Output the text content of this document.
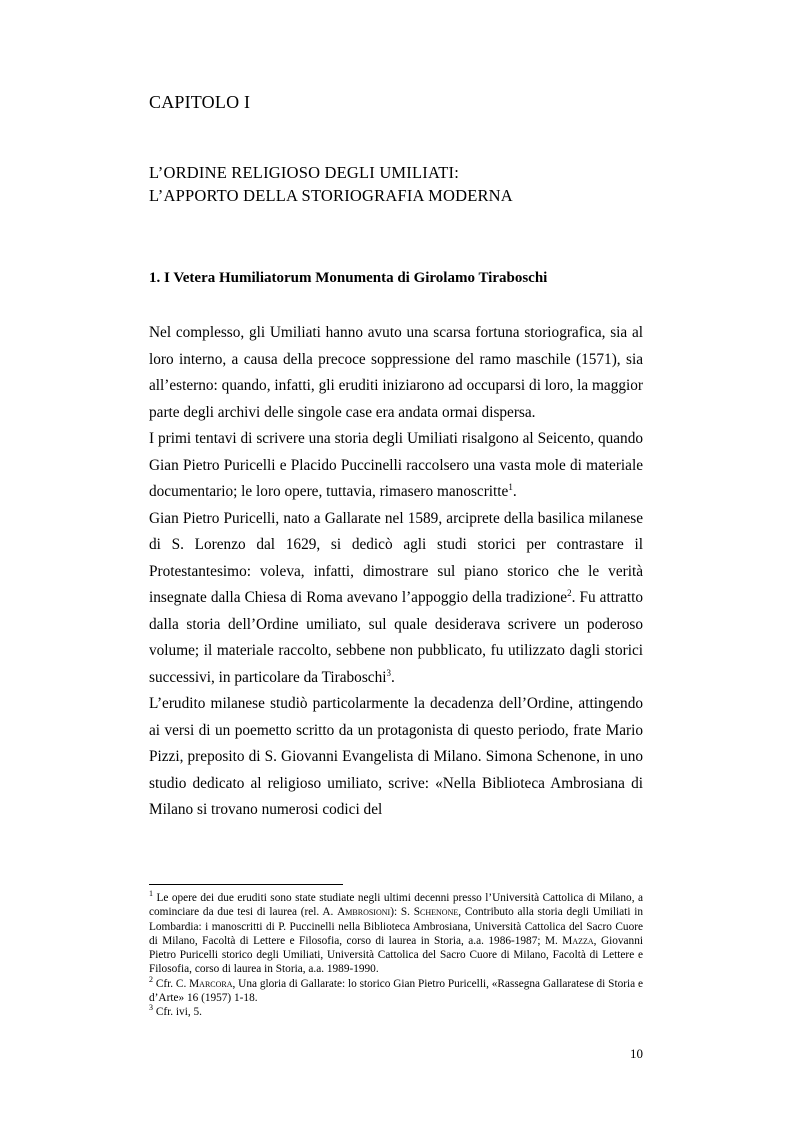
CAPITOLO I
L’ORDINE RELIGIOSO DEGLI UMILIATI:
L’APPORTO DELLA STORIOGRAFIA MODERNA
1. I Vetera Humiliatorum Monumenta di Girolamo Tiraboschi

Nel complesso, gli Umiliati hanno avuto una scarsa fortuna storiografica, sia al loro interno, a causa della precoce soppressione del ramo maschile (1571), sia all’esterno: quando, infatti, gli eruditi iniziarono ad occuparsi di loro, la maggior parte degli archivi delle singole case era andata ormai dispersa.

I primi tentavi di scrivere una storia degli Umiliati risalgono al Seicento, quando Gian Pietro Puricelli e Placido Puccinelli raccolsero una vasta mole di materiale documentario; le loro opere, tuttavia, rimasero manoscritte$^1$.

Gian Pietro Puricelli, nato a Gallarate nel 1589, arciprete della basilica milanese di S. Lorenzo dal 1629, si dedicò agli studi storici per contrastare il Protestantesimo: voleva, infatti, dimostrare sul piano storico che le verità insegnate dalla Chiesa di Roma avevano l’appoggio della tradizione$^2$. Fu attratto dalla storia dell’Ordine umiliato, sul quale desiderava scrivere un poderoso volume; il materiale raccolto, sebbene non pubblicato, fu utilizzato dagli storici successivi, in particolare da Tiraboschi$^3$.

L’erudito milanese studiò particolarmente la decadenza dell’Ordine, attingendo ai versi di un poemetto scritto da un protagonista di questo periodo, frate Mario Pizzi, preposito di S. Giovanni Evangelista di Milano. Simona Schenone, in uno studio dedicato al religioso umiliato, scrive: «Nella Biblioteca Ambrosiana di Milano si trovano numerosi codici del

$^1$ Le opere dei due eruditi sono state studiate negli ultimi decenni presso l’Università Cattolica di Milano, a cominciare da due tesi di laurea (rel. A. Ambrosioni): S. Schenone, Contributo alla storia degli Umiliati in Lombardia: i manoscritti di P. Puccinelli nella Biblioteca Ambrosiana, Università Cattolica del Sacro Cuore di Milano, Facoltà di Lettere e Filosofia, corso di laurea in Storia, a.a. 1986-1987; M. Mazza, Giovanni Pietro Puricelli storico degli Umiliati, Università Cattolica del Sacro Cuore di Milano, Facoltà di Lettere e Filosofia, corso di laurea in Storia, a.a. 1989-1990.

$^2$ Cfr. C. Marcora, Una gloria di Gallarate: lo storico Gian Pietro Puricelli, «Rassegna Gallaratese di Storia e d’Arte» 16 (1957) 1-18.

$^3$ Cfr. ivi, 5.

10
